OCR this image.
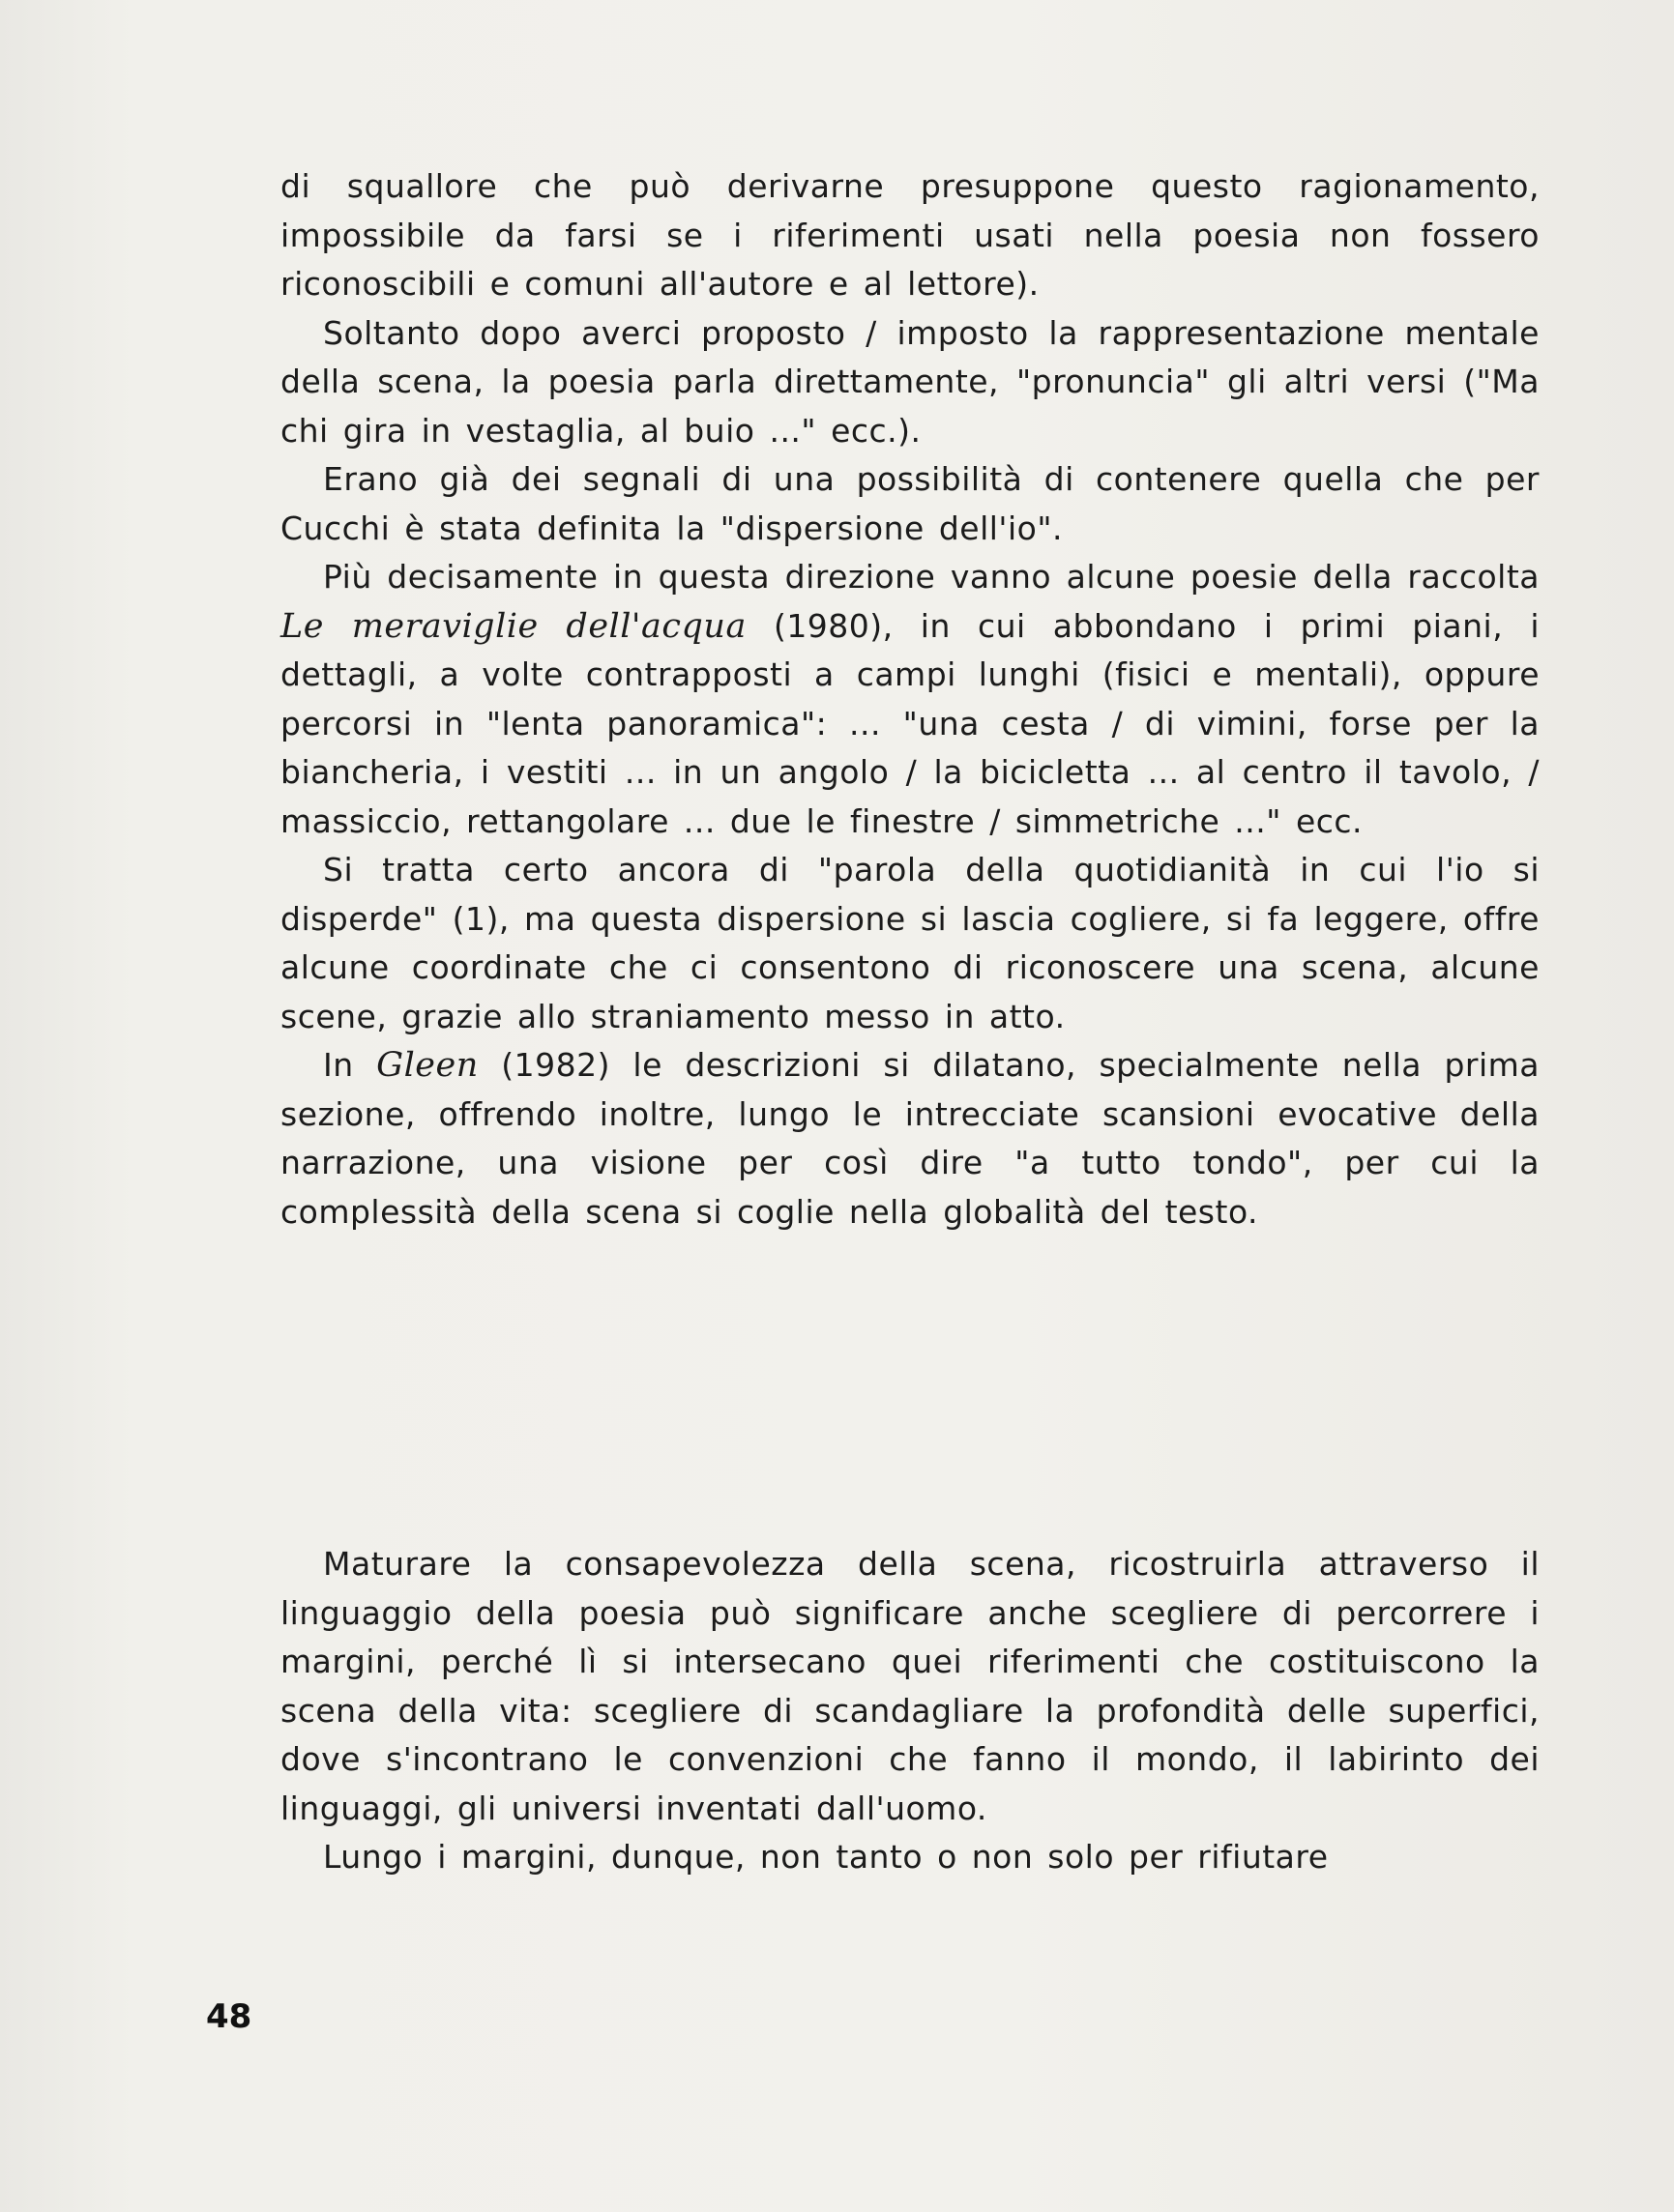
di squallore che può derivarne presuppone questo ragionamento, impossibile da farsi se i riferimenti usati nella poesia non fossero riconoscibili e comuni all'autore e al lettore).

Soltanto dopo averci proposto / imposto la rappresentazione mentale della scena, la poesia parla direttamente, "pronuncia" gli altri versi ("Ma chi gira in vestaglia, al buio ..." ecc.).

Erano già dei segnali di una possibilità di contenere quella che per Cucchi è stata definita la "dispersione dell'io".

Più decisamente in questa direzione vanno alcune poesie della raccolta Le meraviglie dell'acqua (1980), in cui abbondano i primi piani, i dettagli, a volte contrapposti a campi lunghi (fisici e mentali), oppure percorsi in "lenta panoramica": ... "una cesta / di vimini, forse per la biancheria, i vestiti ... in un angolo / la bicicletta ... al centro il tavolo, / massiccio, rettangolare ... due le finestre / simmetriche ..." ecc.

Si tratta certo ancora di "parola della quotidianità in cui l'io si disperde" (1), ma questa dispersione si lascia cogliere, si fa leggere, offre alcune coordinate che ci consentono di riconoscere una scena, alcune scene, grazie allo straniamento messo in atto.

In Gleen (1982) le descrizioni si dilatano, specialmente nella prima sezione, offrendo inoltre, lungo le intrecciate scansioni evocative della narrazione, una visione per così dire "a tutto tondo", per cui la complessità della scena si coglie nella globalità del testo.

Maturare la consapevolezza della scena, ricostruirla attraverso il linguaggio della poesia può significare anche scegliere di percorrere i margini, perché lì si intersecano quei riferimenti che costituiscono la scena della vita: scegliere di scandagliare la profondità delle superfici, dove s'incontrano le convenzioni che fanno il mondo, il labirinto dei linguaggi, gli universi inventati dall'uomo.

Lungo i margini, dunque, non tanto o non solo per rifiutare

48
